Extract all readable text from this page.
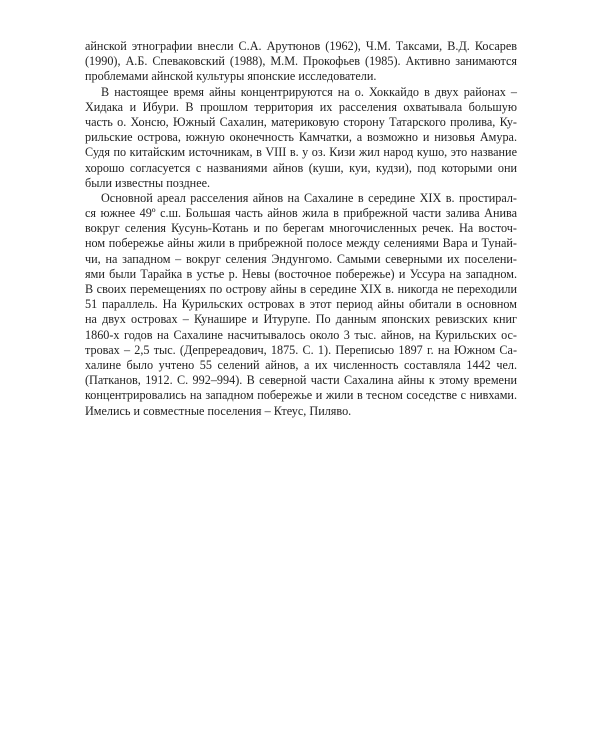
айнской этнографии внесли С.А. Арутюнов (1962), Ч.М. Таксами, В.Д. Косарев
(1990), А.Б. Спеваковский (1988), М.М. Прокофьев (1985). Активно занимаются
проблемами айнской культуры японские исследователи.
В настоящее время айны концентрируются на о. Хоккайдо в двух районах –
Хидака и Ибури. В прошлом территория их расселения охватывала большую
часть о. Хонсю, Южный Сахалин, материковую сторону Татарского пролива, Ку-
рильские острова, южную оконечность Камчатки, а возможно и низовья Амура.
Судя по китайским источникам, в VIII в. у оз. Кизи жил народ кушо, это название
хорошо согласуется с названиями айнов (куши, куи, кудзи), под которыми они
были известны позднее.
Основной ареал расселения айнов на Сахалине в середине XIX в. простирал-
ся южнее 49º с.ш. Большая часть айнов жила в прибрежной части залива Анива
вокруг селения Кусунь-Котань и по берегам многочисленных речек. На восточ-
ном побережье айны жили в прибрежной полосе между селениями Вара и Тунай-
чи, на западном – вокруг селения Эндунгомо. Самыми северными их поселени-
ями были Тарайка в устье р. Невы (восточное побережье) и Уссура на западном.
В своих перемещениях по острову айны в середине XIX в. никогда не переходили
51 параллель. На Курильских островах в этот период айны обитали в основном
на двух островах – Кунашире и Итурупе. По данным японских ревизских книг
1860-х годов на Сахалине насчитывалось около 3 тыс. айнов, на Курильских ос-
тровах – 2,5 тыс. (Депререадович, 1875. С. 1). Переписью 1897 г. на Южном Са-
халине было учтено 55 селений айнов, а их численность составляла 1442 чел.
(Патканов, 1912. С. 992–994). В северной части Сахалина айны к этому времени
концентрировались на западном побережье и жили в тесном соседстве с нивхами.
Имелись и совместные поселения – Ктеус, Пиляво.
